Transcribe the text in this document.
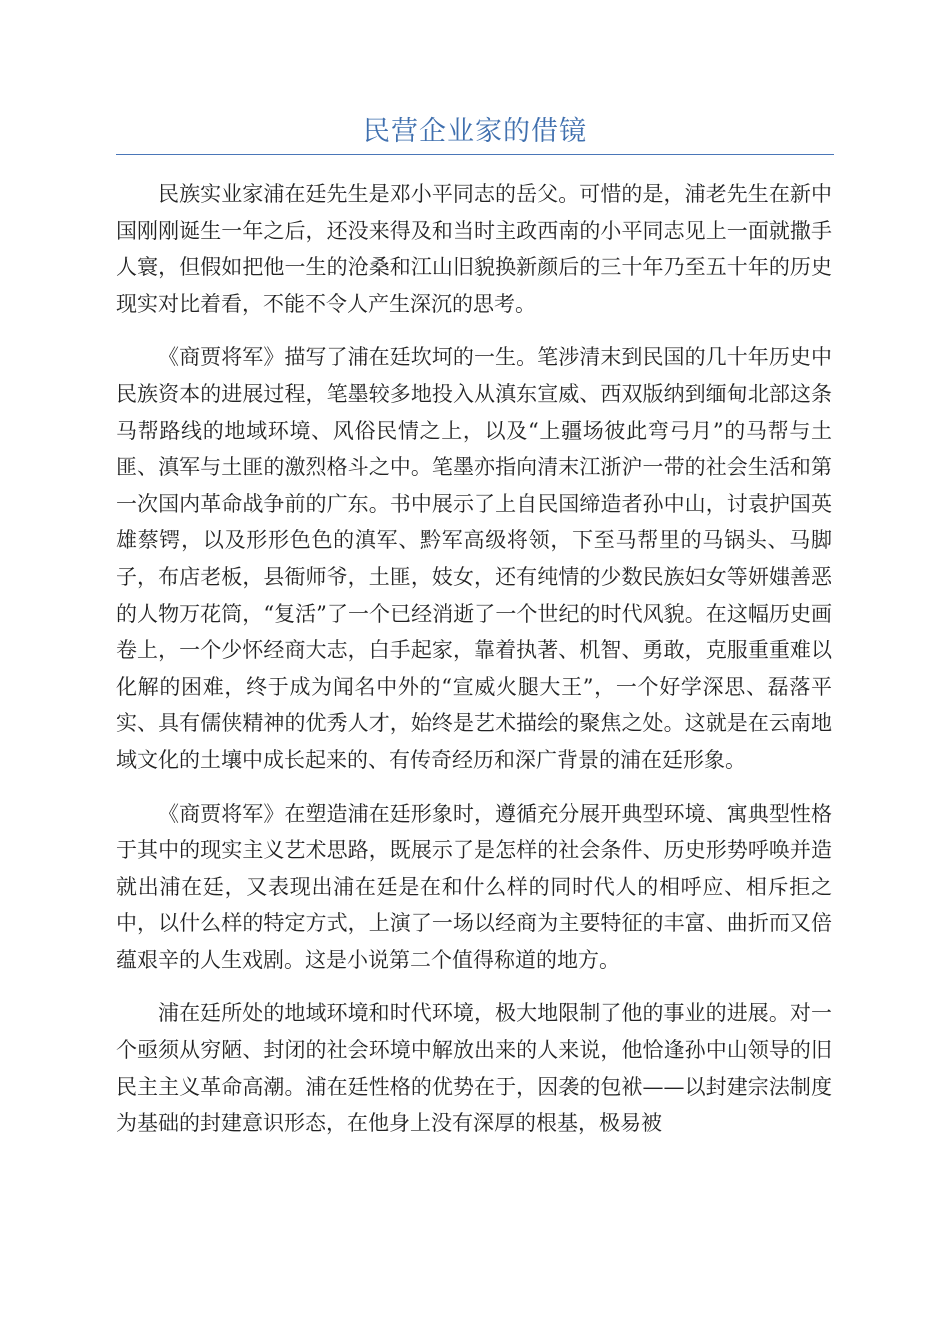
民营企业家的借镜

民族实业家浦在廷先生是邓小平同志的岳父。可惜的是，浦老先生在新中国刚刚诞生一年之后，还没来得及和当时主政西南的小平同志见上一面就撒手人寰，但假如把他一生的沧桑和江山旧貌换新颜后的三十年乃至五十年的历史现实对比着看，不能不令人产生深沉的思考。

《商贾将军》描写了浦在廷坎坷的一生。笔涉清末到民国的几十年历史中民族资本的进展过程，笔墨较多地投入从滇东宣威、西双版纳到缅甸北部这条马帮路线的地域环境、风俗民情之上，以及“上疆场彼此弯弓月”的马帮与土匪、滇军与土匪的激烈格斗之中。笔墨亦指向清末江浙沪一带的社会生活和第一次国内革命战争前的广东。书中展示了上自民国缔造者孙中山，讨袁护国英雄蔡锷，以及形形色色的滇军、黔军高级将领，下至马帮里的马锅头、马脚子，布店老板，县衙师爷，土匪，妓女，还有纯情的少数民族妇女等妍媸善恶的人物万花筒，“复活”了一个已经消逝了一个世纪的时代风貌。在这幅历史画卷上，一个少怀经商大志，白手起家，靠着执著、机智、勇敢，克服重重难以化解的困难，终于成为闻名中外的“宣威火腿大王”，一个好学深思、磊落平实、具有儒侠精神的优秀人才，始终是艺术描绘的聚焦之处。这就是在云南地域文化的土壤中成长起来的、有传奇经历和深广背景的浦在廷形象。

《商贾将军》在塑造浦在廷形象时，遵循充分展开典型环境、寓典型性格于其中的现实主义艺术思路，既展示了是怎样的社会条件、历史形势呼唤并造就出浦在廷，又表现出浦在廷是在和什么样的同时代人的相呼应、相斥拒之中，以什么样的特定方式，上演了一场以经商为主要特征的丰富、曲折而又倍蕴艰辛的人生戏剧。这是小说第二个值得称道的地方。

浦在廷所处的地域环境和时代环境，极大地限制了他的事业的进展。对一个亟须从穷陋、封闭的社会环境中解放出来的人来说，他恰逢孙中山领导的旧民主主义革命高潮。浦在廷性格的优势在于，因袭的包袱——以封建宗法制度为基础的封建意识形态，在他身上没有深厚的根基，极易被
